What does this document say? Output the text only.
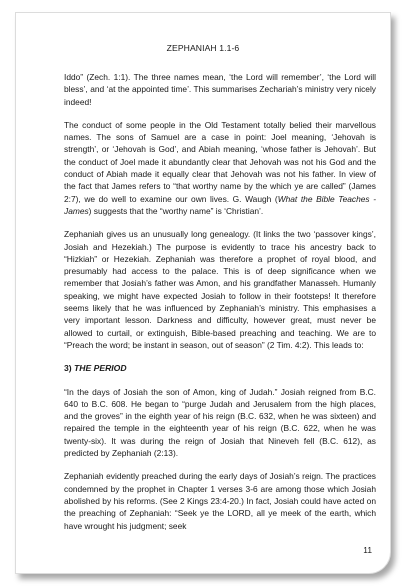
ZEPHANIAH 1.1-6

Iddo” (Zech. 1:1). The three names mean, ‘the Lord will remember’, ‘the Lord will bless’, and ‘at the appointed time’. This summarises Zechariah’s ministry very nicely indeed!

The conduct of some people in the Old Testament totally belied their marvellous names. The sons of Samuel are a case in point: Joel meaning, ‘Jehovah is strength’, or ‘Jehovah is God’, and Abiah meaning, ‘whose father is Jehovah’. But the conduct of Joel made it abundantly clear that Jehovah was not his God and the conduct of Abiah made it equally clear that Jehovah was not his father. In view of the fact that James refers to “that worthy name by the which ye are called” (James 2:7), we do well to examine our own lives. G. Waugh (What the Bible Teaches - James) suggests that the “worthy name” is ‘Christian’.

Zephaniah gives us an unusually long genealogy. (It links the two ‘passover kings’, Josiah and Hezekiah.) The purpose is evidently to trace his ancestry back to “Hizkiah” or Hezekiah. Zephaniah was therefore a prophet of royal blood, and presumably had access to the palace. This is of deep significance when we remember that Josiah’s father was Amon, and his grandfather Manasseh. Humanly speaking, we might have expected Josiah to follow in their footsteps! It therefore seems likely that he was influenced by Zephaniah’s ministry. This emphasises a very important lesson. Darkness and difficulty, however great, must never be allowed to curtail, or extinguish, Bible-based preaching and teaching. We are to “Preach the word; be instant in season, out of season” (2 Tim. 4:2). This leads to:

3) THE PERIOD

“In the days of Josiah the son of Amon, king of Judah.” Josiah reigned from B.C. 640 to B.C. 608. He began to “purge Judah and Jerusalem from the high places, and the groves” in the eighth year of his reign (B.C. 632, when he was sixteen) and repaired the temple in the eighteenth year of his reign (B.C. 622, when he was twenty-six). It was during the reign of Josiah that Nineveh fell (B.C. 612), as predicted by Zephaniah (2:13).

Zephaniah evidently preached during the early days of Josiah’s reign. The practices condemned by the prophet in Chapter 1 verses 3-6 are among those which Josiah abolished by his reforms. (See 2 Kings 23:4-20.) In fact, Josiah could have acted on the preaching of Zephaniah: “Seek ye the LORD, all ye meek of the earth, which have wrought his judgment; seek

11
